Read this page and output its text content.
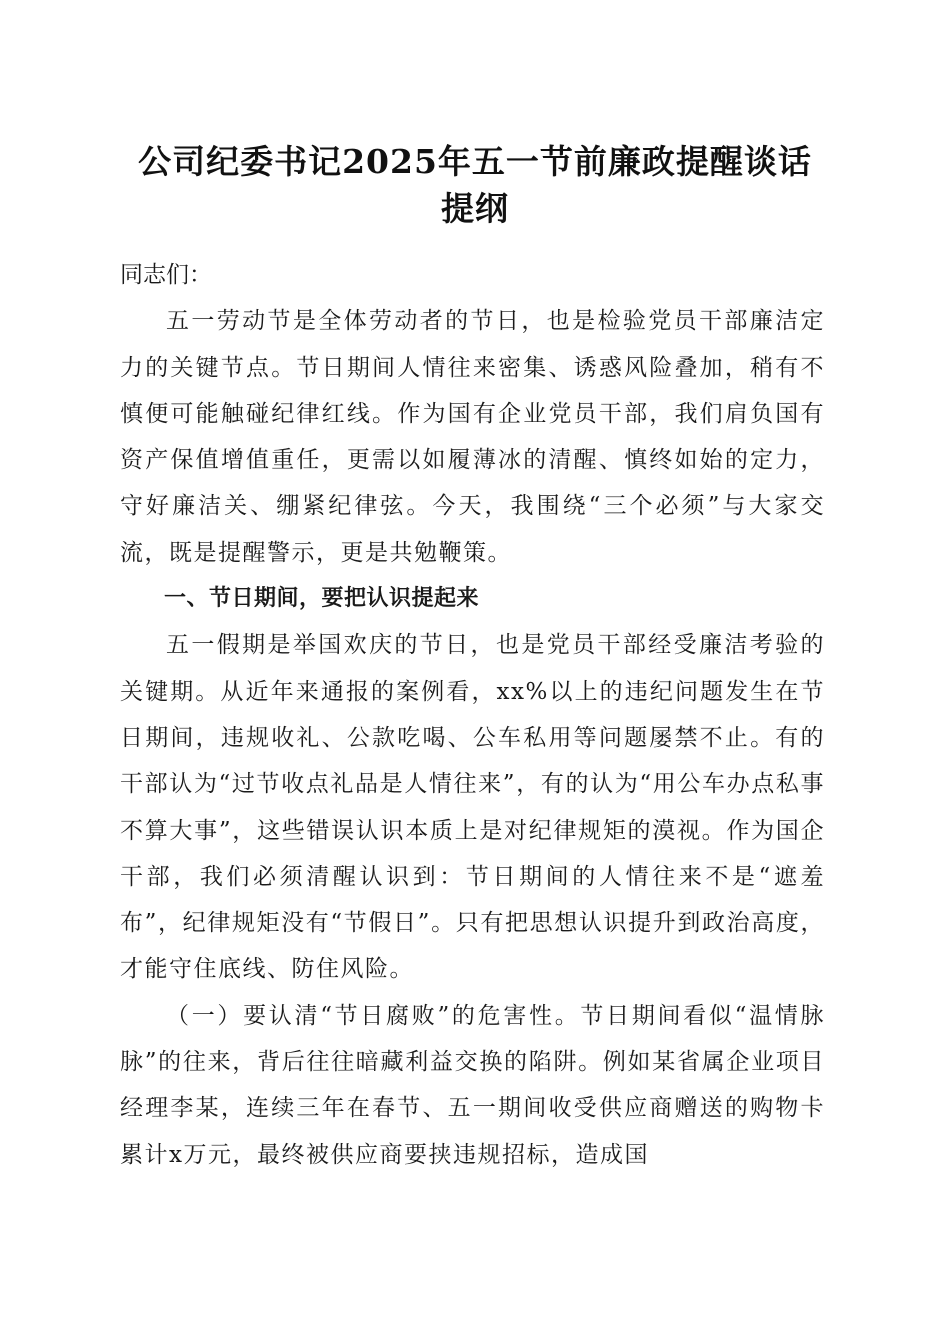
公司纪委书记2025年五一节前廉政提醒谈话
提纲

同志们：

五一劳动节是全体劳动者的节日，也是检验党员干部廉洁定力的关键节点。节日期间人情往来密集、诱惑风险叠加，稍有不慎便可能触碰纪律红线。作为国有企业党员干部，我们肩负国有资产保值增值重任，更需以如履薄冰的清醒、慎终如始的定力，守好廉洁关、绷紧纪律弦。今天，我围绕“三个必须”与大家交流，既是提醒警示，更是共勉鞭策。

一、节日期间，要把认识提起来

五一假期是举国欢庆的节日，也是党员干部经受廉洁考验的关键期。从近年来通报的案例看，xx%以上的违纪问题发生在节日期间，违规收礼、公款吃喝、公车私用等问题屡禁不止。有的干部认为“过节收点礼品是人情往来”，有的认为“用公车办点私事不算大事”，这些错误认识本质上是对纪律规矩的漠视。作为国企干部，我们必须清醒认识到：节日期间的人情往来不是“遮羞布”，纪律规矩没有“节假日”。只有把思想认识提升到政治高度，才能守住底线、防住风险。

（一）要认清“节日腐败”的危害性。节日期间看似“温情脉脉”的往来，背后往往暗藏利益交换的陷阱。例如某省属企业项目经理李某，连续三年在春节、五一期间收受供应商赠送的购物卡累计x万元，最终被供应商要挟违规招标，造成国
